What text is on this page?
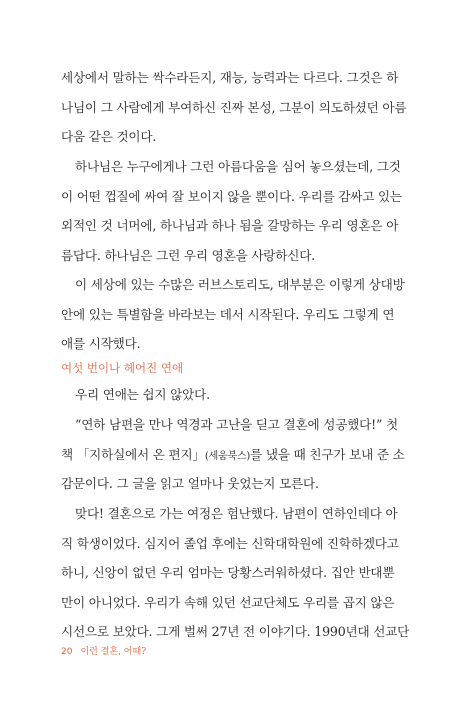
세상에서 말하는 싹수라든지, 재능, 능력과는 다르다. 그것은 하
나님이 그 사람에게 부여하신 진짜 본성, 그분이 의도하셨던 아름
다움 같은 것이다.
하나님은 누구에게나 그런 아름다움을 심어 놓으셨는데, 그것
이 어떤 껍질에 싸여 잘 보이지 않을 뿐이다. 우리를 감싸고 있는
외적인 것 너머에, 하나님과 하나 됨을 갈망하는 우리 영혼은 아
름답다. 하나님은 그런 우리 영혼을 사랑하신다.
이 세상에 있는 수많은 러브스토리도, 대부분은 이렇게 상대방
안에 있는 특별함을 바라보는 데서 시작된다. 우리도 그렇게 연
애를 시작했다.
여섯 번이나 헤어진 연애
우리 연애는 쉽지 않았다.
“연하 남편을 만나 역경과 고난을 딛고 결혼에 성공했다!” 첫
책 「지하실에서 온 편지」(세움북스)를 냈을 때 친구가 보내 준 소
감문이다. 그 글을 읽고 얼마나 웃었는지 모른다.
맞다! 결혼으로 가는 여정은 험난했다. 남편이 연하인데다 아
직 학생이었다. 심지어 졸업 후에는 신학대학원에 진학하겠다고
하니, 신앙이 없던 우리 엄마는 당황스러워하셨다. 집안 반대뿐
만이 아니었다. 우리가 속해 있던 선교단체도 우리를 곱지 않은
시선으로 보았다. 그게 벌써 27년 전 이야기다. 1990년대 선교단
20 이런 결혼, 어때?
